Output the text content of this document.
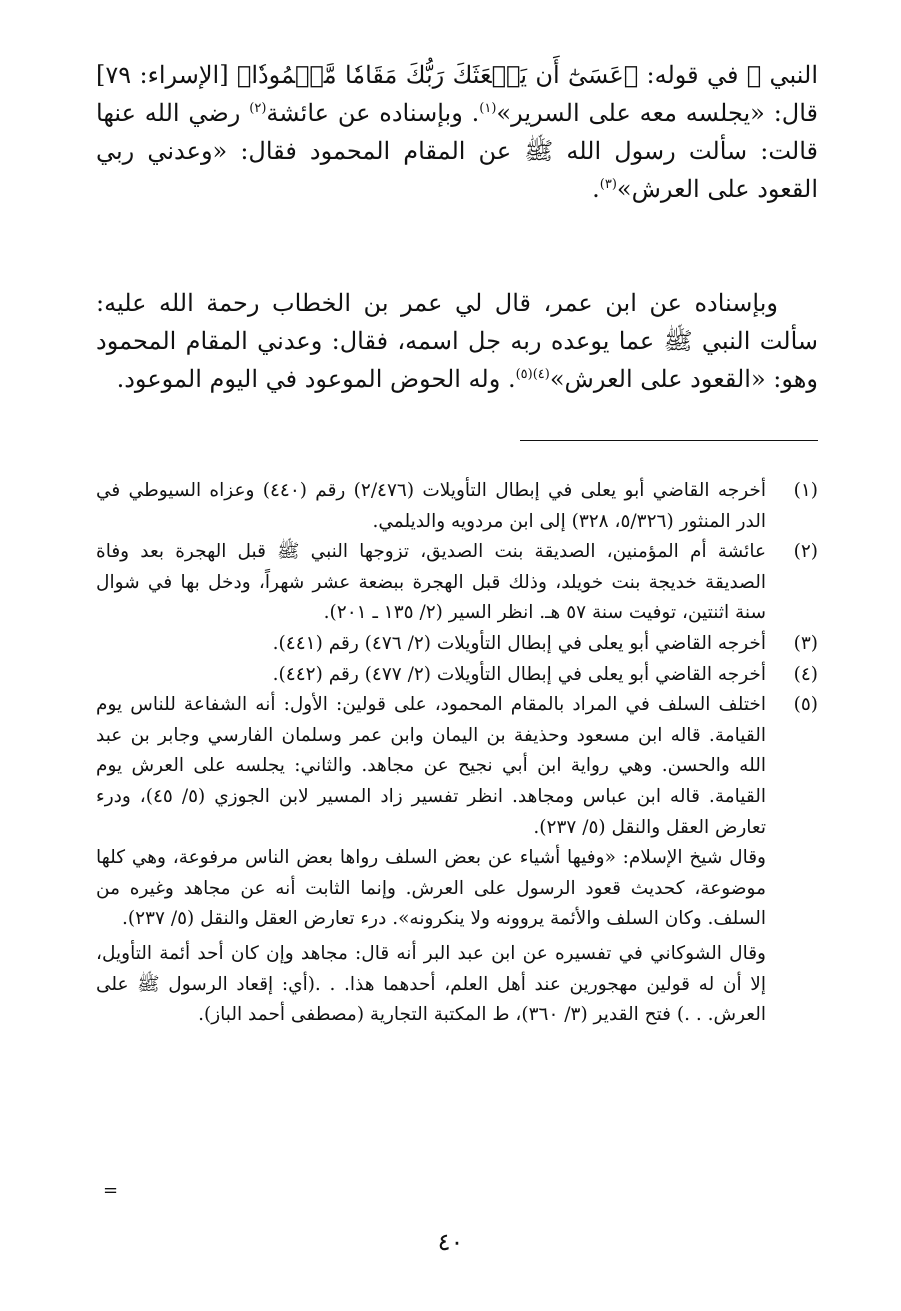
النبي ﷺ في قوله: ﴿عَسَىٰٓ أَن يَبۡعَثَكَ رَبُّكَ مَقَامٗا مَّحۡمُودٗا﴾ [الإسراء: ٧٩] قال: «يجلسه معه على السرير»$^{(١)}$. وبإسناده عن عائشة$^{(٢)}$ رضي الله عنها قالت: سألت رسول الله ﷺ عن المقام المحمود فقال: «وعدني ربي القعود على العرش»$^{(٣)}$.

وبإسناده عن ابن عمر، قال لي عمر بن الخطاب رحمة الله عليه: سألت النبي ﷺ عما يوعده ربه جل اسمه، فقال: وعدني المقام المحمود وهو: «القعود على العرش»$^{(٤)(٥)}$. وله الحوض الموعود في اليوم الموعود.

(١)
أخرجه القاضي أبو يعلى في إبطال التأويلات (٢/٤٧٦) رقم (٤٤٠) وعزاه السيوطي في الدر المنثور (٥/٣٢٦، ٣٢٨) إلى ابن مردويه والديلمي.
(٢)
عائشة أم المؤمنين، الصديقة بنت الصديق، تزوجها النبي ﷺ قبل الهجرة بعد وفاة الصديقة خديجة بنت خويلد، وذلك قبل الهجرة ببضعة عشر شهراً، ودخل بها في شوال سنة اثنتين، توفيت سنة ٥٧ هـ. انظر السير (٢/ ١٣٥ ـ ٢٠١).
(٣)
أخرجه القاضي أبو يعلى في إبطال التأويلات (٢/ ٤٧٦) رقم (٤٤١).
(٤)
أخرجه القاضي أبو يعلى في إبطال التأويلات (٢/ ٤٧٧) رقم (٤٤٢).
(٥)
اختلف السلف في المراد بالمقام المحمود، على قولين: الأول: أنه الشفاعة للناس يوم القيامة. قاله ابن مسعود وحذيفة بن اليمان وابن عمر وسلمان الفارسي وجابر بن عبد الله والحسن. وهي رواية ابن أبي نجيح عن مجاهد. والثاني: يجلسه على العرش يوم القيامة. قاله ابن عباس ومجاهد. انظر تفسير زاد المسير لابن الجوزي (٥/ ٤٥)، ودرء تعارض العقل والنقل (٥/ ٢٣٧).
وقال شيخ الإسلام: «وفيها أشياء عن بعض السلف رواها بعض الناس مرفوعة، وهي كلها موضوعة، كحديث قعود الرسول على العرش. وإنما الثابت أنه عن مجاهد وغيره من السلف. وكان السلف والأئمة يروونه ولا ينكرونه». درء تعارض العقل والنقل (٥/ ٢٣٧).
وقال الشوكاني في تفسيره عن ابن عبد البر أنه قال: مجاهد وإن كان أحد أئمة التأويل، إلا أن له قولين مهجورين عند أهل العلم، أحدهما هذا. . .(أي: إقعاد الرسول ﷺ على العرش. . .) فتح القدير (٣/ ٣٦٠)، ط المكتبة التجارية (مصطفى أحمد الباز).
=
٤٠
